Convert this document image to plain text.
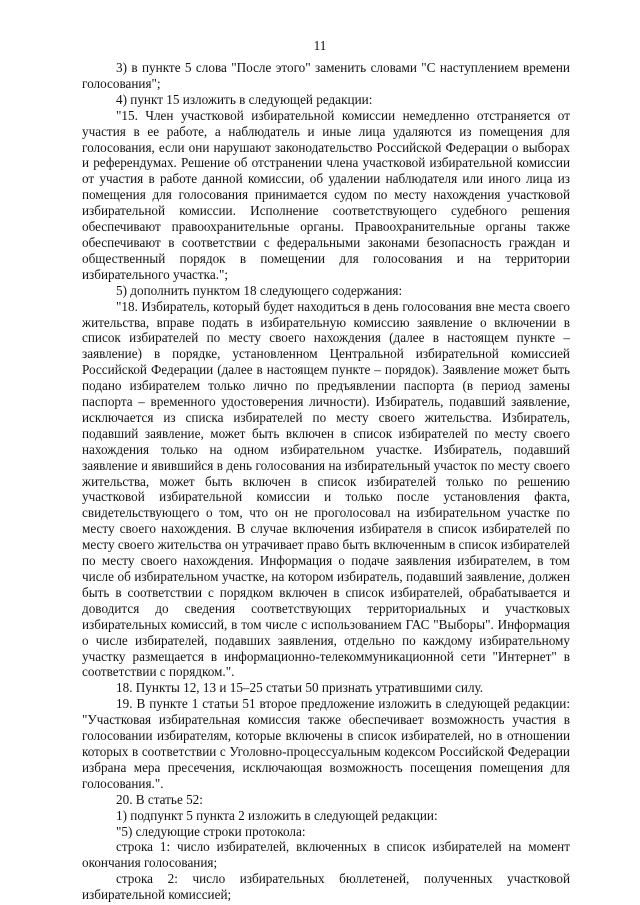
11

3) в пункте 5 слова "После этого" заменить словами "С наступлением времени голосования";

4) пункт 15 изложить в следующей редакции:

"15. Член участковой избирательной комиссии немедленно отстраняется от участия в ее работе, а наблюдатель и иные лица удаляются из помещения для голосования, если они нарушают законодательство Российской Федерации о выборах и референдумах. Решение об отстранении члена участковой избирательной комиссии от участия в работе данной комиссии, об удалении наблюдателя или иного лица из помещения для голосования принимается судом по месту нахождения участковой избирательной комиссии. Исполнение соответствующего судебного решения обеспечивают правоохранительные органы. Правоохранительные органы также обеспечивают в соответствии с федеральными законами безопасность граждан и общественный порядок в помещении для голосования и на территории избирательного участка.";

5) дополнить пунктом 18 следующего содержания:

"18. Избиратель, который будет находиться в день голосования вне места своего жительства, вправе подать в избирательную комиссию заявление о включении в список избирателей по месту своего нахождения (далее в настоящем пункте – заявление) в порядке, установленном Центральной избирательной комиссией Российской Федерации (далее в настоящем пункте – порядок). Заявление может быть подано избирателем только лично по предъявлении паспорта (в период замены паспорта – временного удостоверения личности). Избиратель, подавший заявление, исключается из списка избирателей по месту своего жительства. Избиратель, подавший заявление, может быть включен в список избирателей по месту своего нахождения только на одном избирательном участке. Избиратель, подавший заявление и явившийся в день голосования на избирательный участок по месту своего жительства, может быть включен в список избирателей только по решению участковой избирательной комиссии и только после установления факта, свидетельствующего о том, что он не проголосовал на избирательном участке по месту своего нахождения. В случае включения избирателя в список избирателей по месту своего жительства он утрачивает право быть включенным в список избирателей по месту своего нахождения. Информация о подаче заявления избирателем, в том числе об избирательном участке, на котором избиратель, подавший заявление, должен быть в соответствии с порядком включен в список избирателей, обрабатывается и доводится до сведения соответствующих территориальных и участковых избирательных комиссий, в том числе с использованием ГАС "Выборы". Информация о числе избирателей, подавших заявления, отдельно по каждому избирательному участку размещается в информационно-телекоммуникационной сети "Интернет" в соответствии с порядком.".

18. Пункты 12, 13 и 15–25 статьи 50 признать утратившими силу.

19. В пункте 1 статьи 51 второе предложение изложить в следующей редакции: "Участковая избирательная комиссия также обеспечивает возможность участия в голосовании избирателям, которые включены в список избирателей, но в отношении которых в соответствии с Уголовно-процессуальным кодексом Российской Федерации избрана мера пресечения, исключающая возможность посещения помещения для голосования.".

20. В статье 52:

1) подпункт 5 пункта 2 изложить в следующей редакции:

"5) следующие строки протокола:

строка 1: число избирателей, включенных в список избирателей на момент окончания голосования;

строка 2: число избирательных бюллетеней, полученных участковой избирательной комиссией;
